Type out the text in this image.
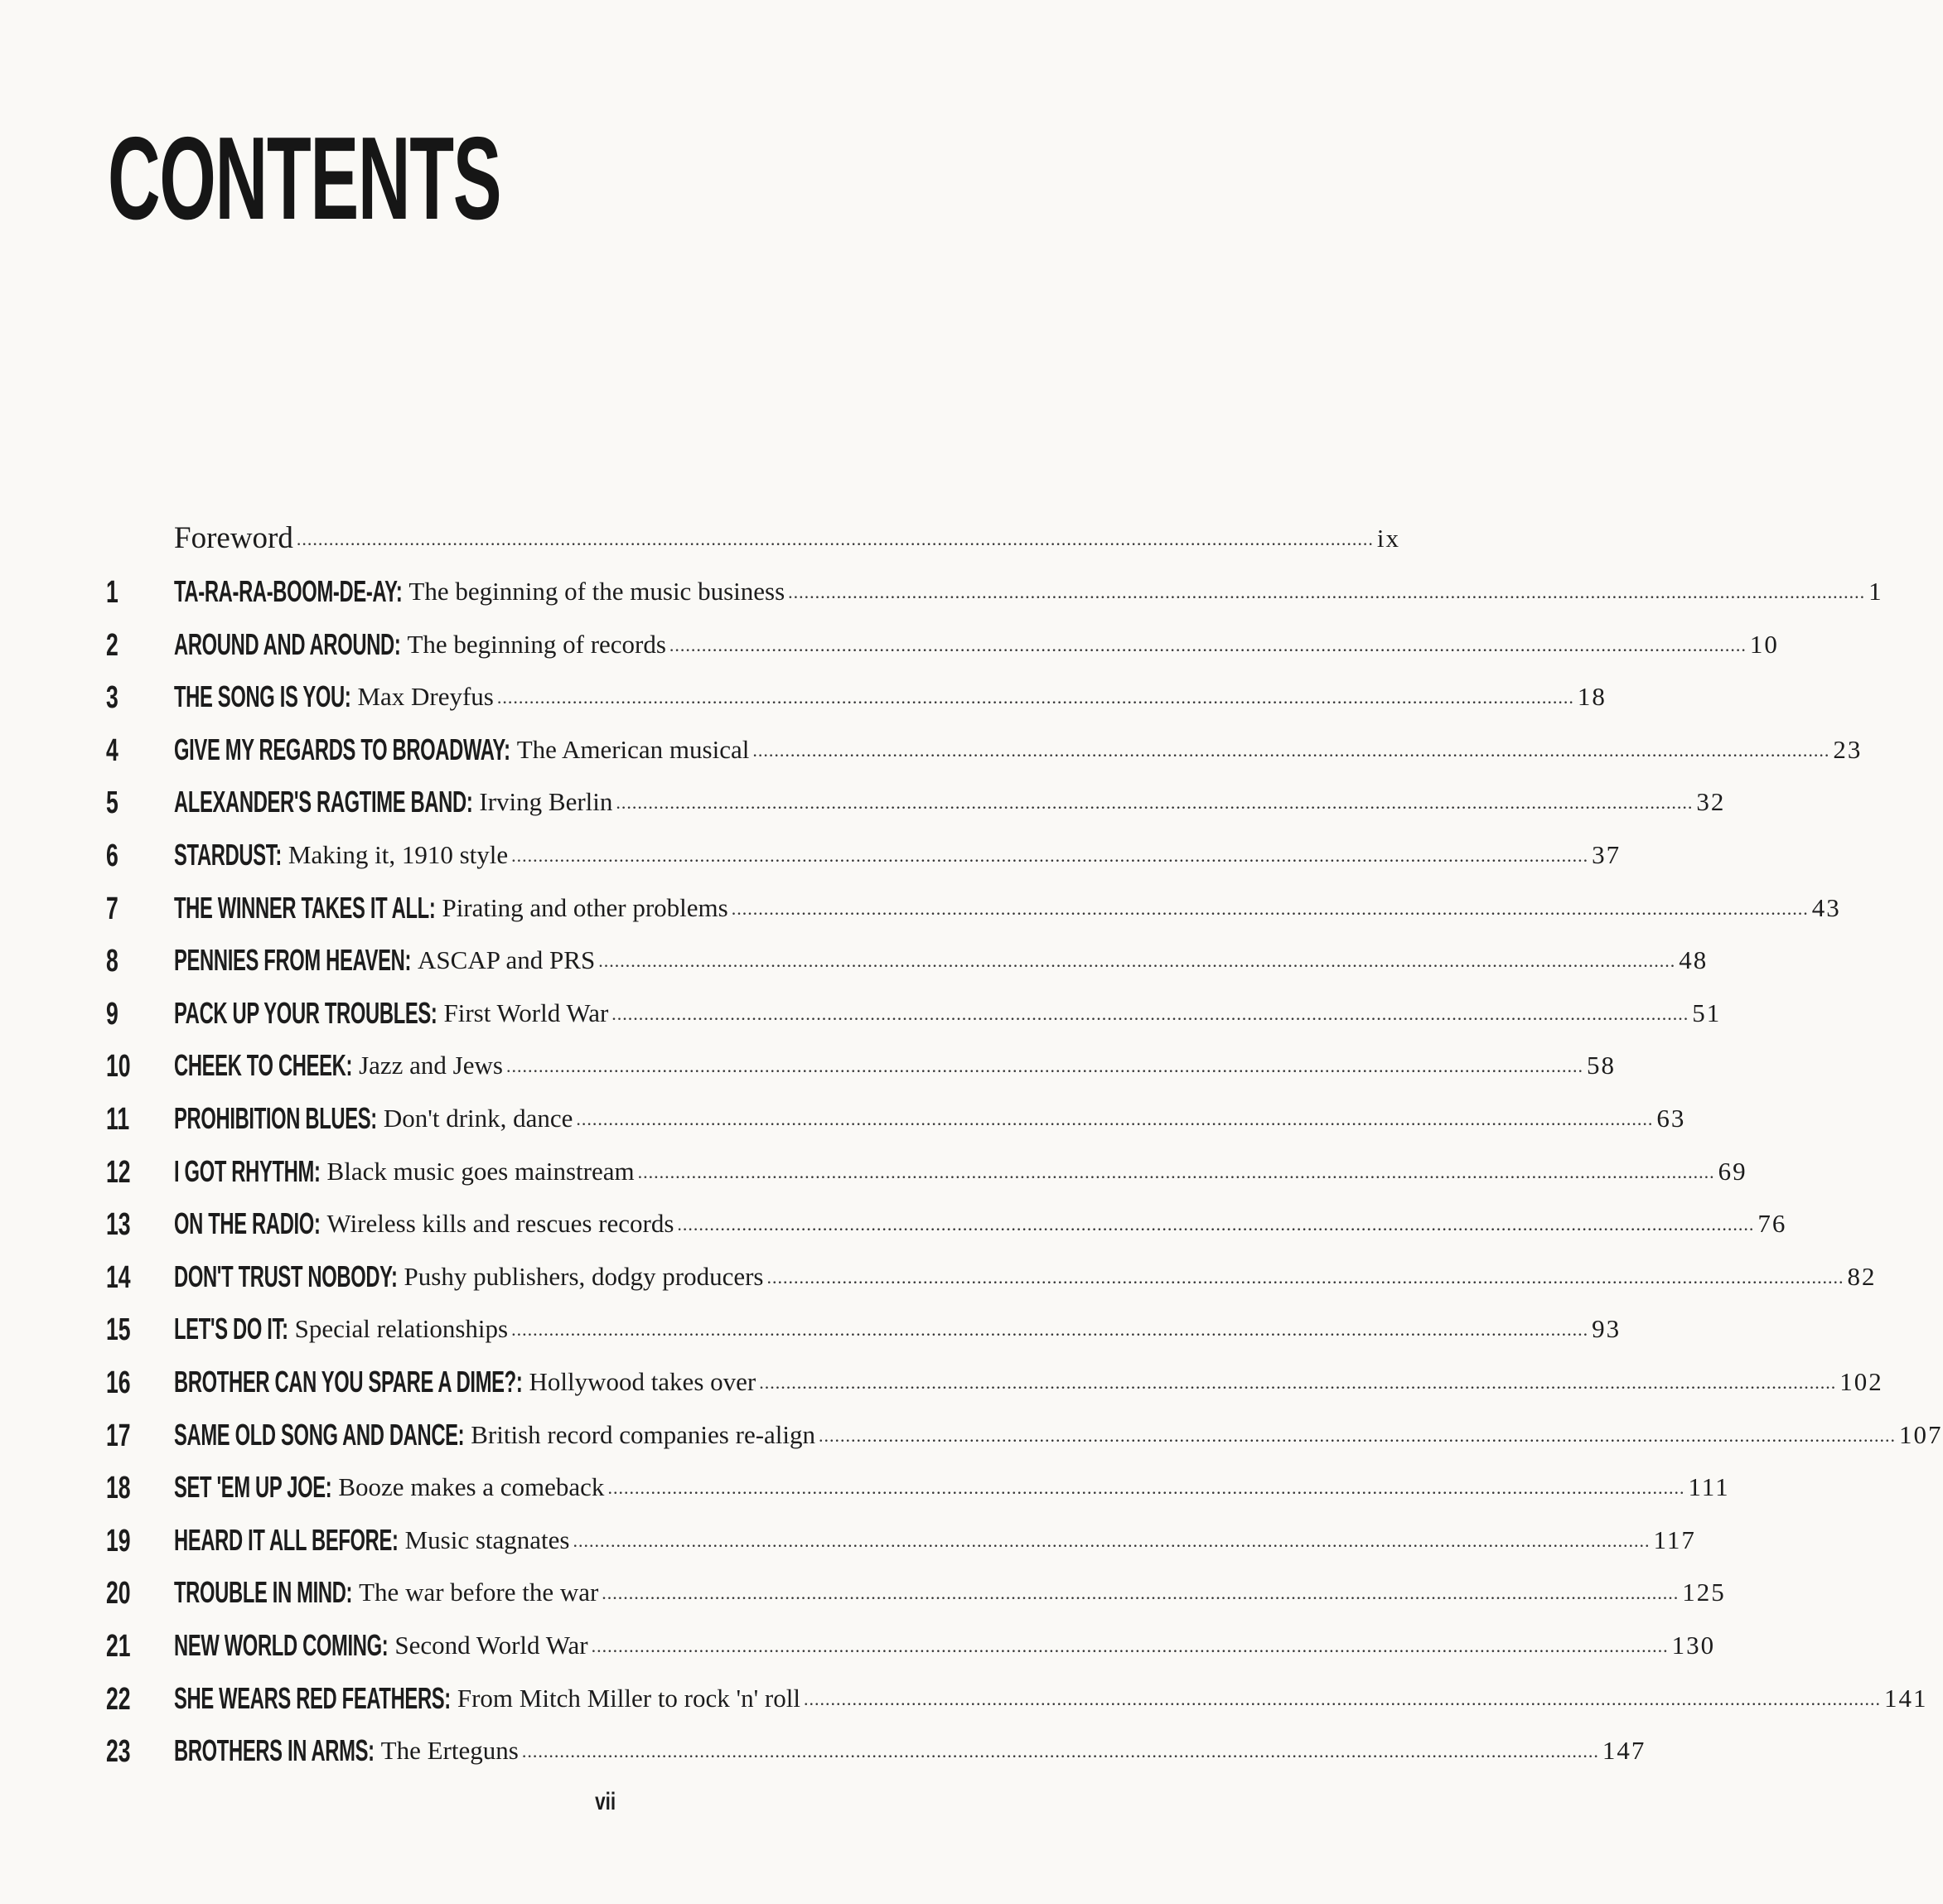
CONTENTS
Foreword ........................................................................................................................................................................................................ ix
1 TA-RA-RA-BOOM-DE-AY: The beginning of the music business ........................................................................................................................................................................................................ 1
2 AROUND AND AROUND: The beginning of records ........................................................................................................................................................................................................ 10
3 THE SONG IS YOU: Max Dreyfus ........................................................................................................................................................................................................ 18
4 GIVE MY REGARDS TO BROADWAY: The American musical ........................................................................................................................................................................................................ 23
5 ALEXANDER'S RAGTIME BAND: Irving Berlin ........................................................................................................................................................................................................ 32
6 STARDUST: Making it, 1910 style ........................................................................................................................................................................................................ 37
7 THE WINNER TAKES IT ALL: Pirating and other problems ........................................................................................................................................................................................................ 43
8 PENNIES FROM HEAVEN: ASCAP and PRS ........................................................................................................................................................................................................ 48
9 PACK UP YOUR TROUBLES: First World War ........................................................................................................................................................................................................ 51
10 CHEEK TO CHEEK: Jazz and Jews ........................................................................................................................................................................................................ 58
11 PROHIBITION BLUES: Don't drink, dance ........................................................................................................................................................................................................ 63
12 I GOT RHYTHM: Black music goes mainstream ........................................................................................................................................................................................................ 69
13 ON THE RADIO: Wireless kills and rescues records ........................................................................................................................................................................................................ 76
14 DON'T TRUST NOBODY: Pushy publishers, dodgy producers ........................................................................................................................................................................................................ 82
15 LET'S DO IT: Special relationships ........................................................................................................................................................................................................ 93
16 BROTHER CAN YOU SPARE A DIME?: Hollywood takes over ........................................................................................................................................................................................................ 102
17 SAME OLD SONG AND DANCE: British record companies re-align ........................................................................................................................................................................................................ 107
18 SET 'EM UP JOE: Booze makes a comeback ........................................................................................................................................................................................................ 111
19 HEARD IT ALL BEFORE: Music stagnates ........................................................................................................................................................................................................ 117
20 TROUBLE IN MIND: The war before the war ........................................................................................................................................................................................................ 125
21 NEW WORLD COMING: Second World War ........................................................................................................................................................................................................ 130
22 SHE WEARS RED FEATHERS: From Mitch Miller to rock 'n' roll ........................................................................................................................................................................................................ 141
23 BROTHERS IN ARMS: The Erteguns ........................................................................................................................................................................................................ 147
vii
